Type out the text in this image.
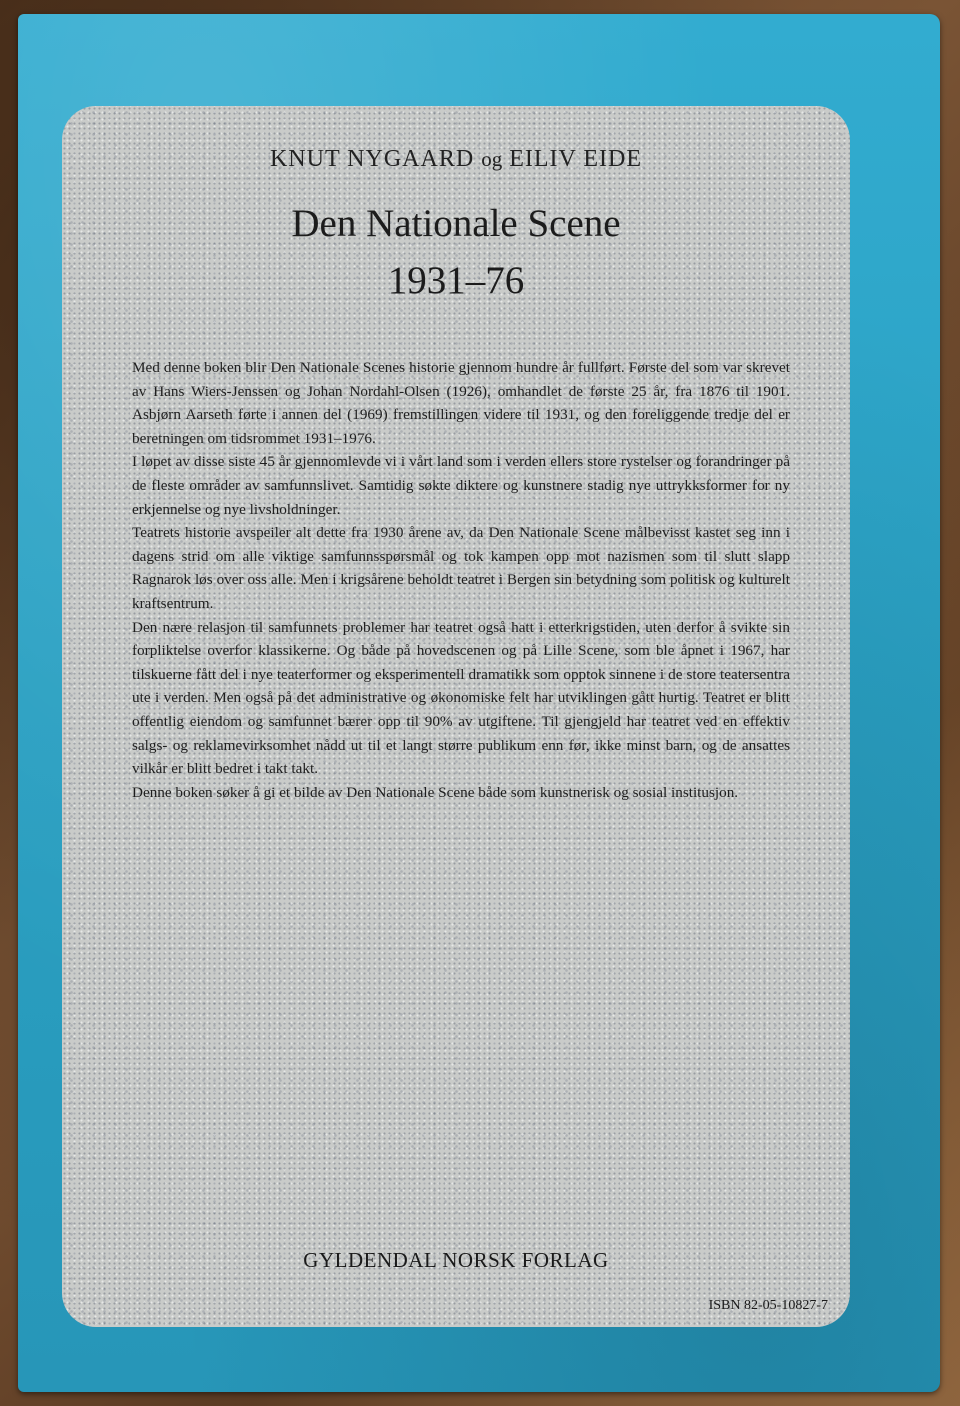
KNUT NYGAARD og EILIV EIDE
Den Nationale Scene
1931–76

Med denne boken blir Den Nationale Scenes historie gjennom hundre år fullført. Første del som var skrevet av Hans Wiers-Jenssen og Johan Nordahl-Olsen (1926), omhandlet de første 25 år, fra 1876 til 1901. Asbjørn Aarseth førte i annen del (1969) fremstillingen videre til 1931, og den foreliggende tredje del er beretningen om tidsrommet 1931–1976.

I løpet av disse siste 45 år gjennomlevde vi i vårt land som i verden ellers store rystelser og forandringer på de fleste områder av samfunnslivet. Samtidig søkte diktere og kunstnere stadig nye uttrykksformer for ny erkjennelse og nye livsholdninger.

Teatrets historie avspeiler alt dette fra 1930 årene av, da Den Nationale Scene målbevisst kastet seg inn i dagens strid om alle viktige samfunnsspørsmål og tok kampen opp mot nazismen som til slutt slapp Ragnarok løs over oss alle. Men i krigsårene beholdt teatret i Bergen sin betydning som politisk og kulturelt kraftsentrum.

Den nære relasjon til samfunnets problemer har teatret også hatt i etterkrigstiden, uten derfor å svikte sin forpliktelse overfor klassikerne. Og både på hovedscenen og på Lille Scene, som ble åpnet i 1967, har tilskuerne fått del i nye teaterformer og eksperimentell dramatikk som opptok sinnene i de store teatersentra ute i verden. Men også på det administrative og økonomiske felt har utviklingen gått hurtig. Teatret er blitt offentlig eiendom og samfunnet bærer opp til 90% av utgiftene. Til gjengjeld har teatret ved en effektiv salgs- og reklamevirksomhet nådd ut til et langt større publikum enn før, ikke minst barn, og de ansattes vilkår er blitt bedret i takt takt.

Denne boken søker å gi et bilde av Den Nationale Scene både som kunstnerisk og sosial institusjon.

GYLDENDAL NORSK FORLAG
ISBN 82-05-10827-7
